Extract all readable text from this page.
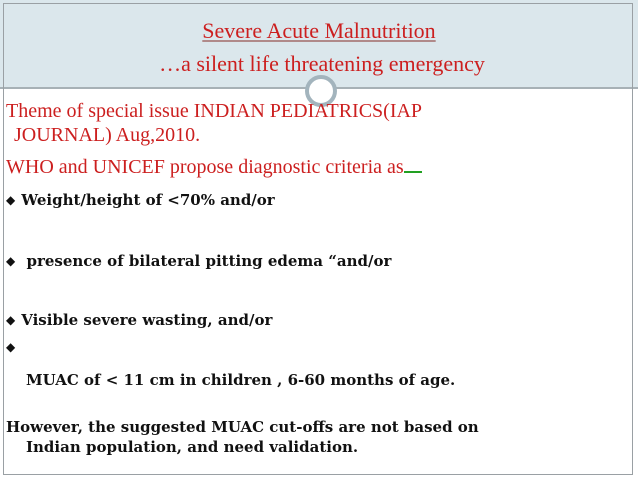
Severe Acute Malnutrition
…a silent life threatening emergency
Theme of special issue INDIAN PEDIATRICS(IAP
JOURNAL) Aug,2010.
WHO and UNICEF propose diagnostic criteria as
◆ Weight/height of <70% and/or
◆ presence of bilateral pitting edema “and/or
◆ Visible severe wasting, and/or
◆
MUAC of < 11 cm in children , 6-60 months of age.
However, the suggested MUAC cut-offs are not based on
Indian population, and need validation.
